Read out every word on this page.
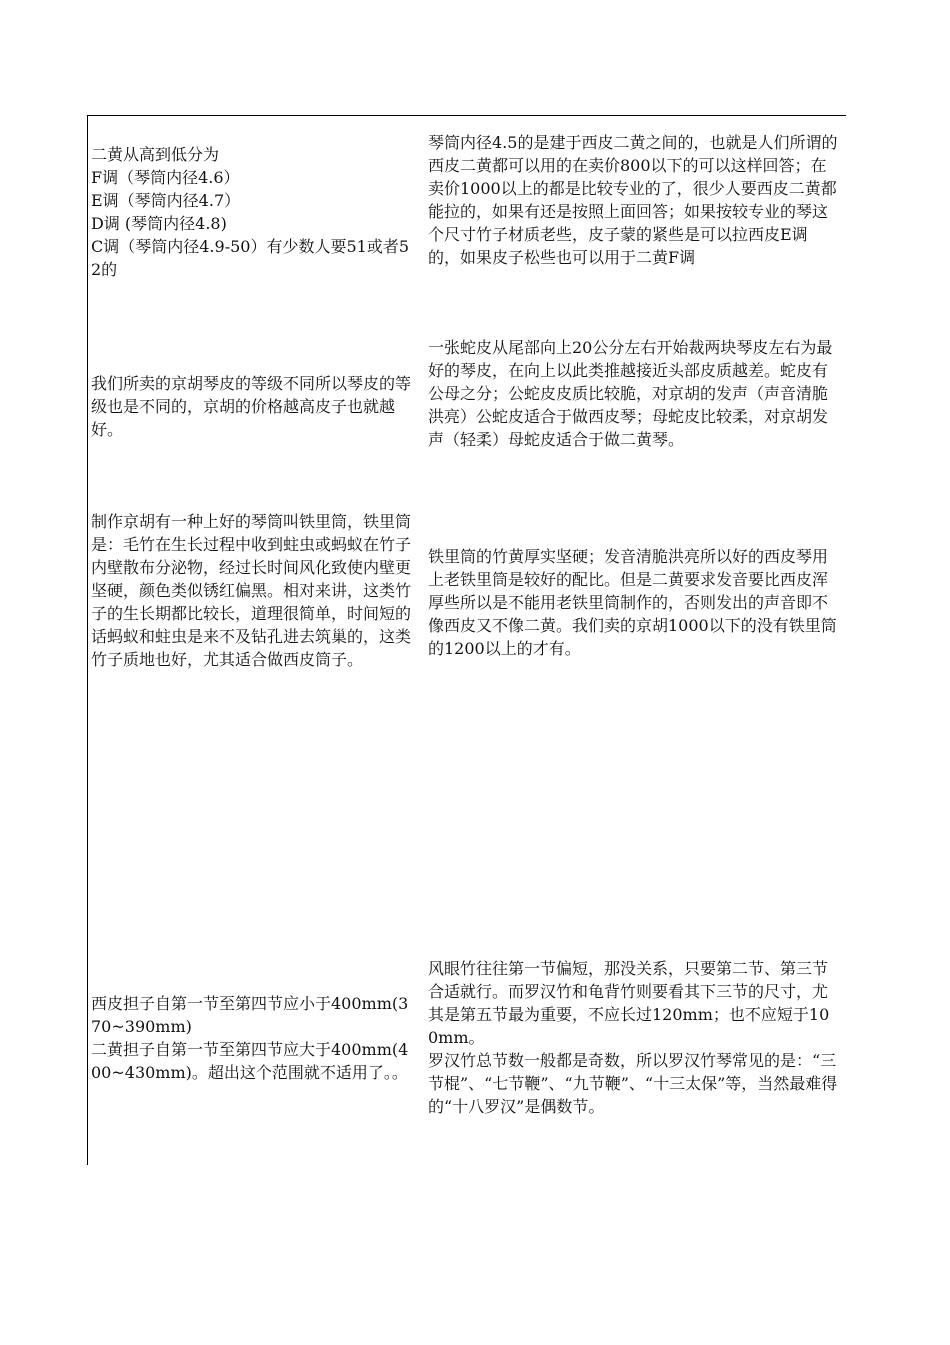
二黄从高到低分为
F调（琴筒内径4.6）
E调（琴筒内径4.7）
D调 (琴筒内径4.8)
C调（琴筒内径4.9-50）有少数人要51或者52的
琴筒内径4.5的是建于西皮二黄之间的，也就是人们所谓的西皮二黄都可以用的在卖价800以下的可以这样回答；在卖价1000以上的都是比较专业的了，很少人要西皮二黄都能拉的，如果有还是按照上面回答；如果按较专业的琴这个尺寸竹子材质老些，皮子蒙的紧些是可以拉西皮E调的，如果皮子松些也可以用于二黄F调
我们所卖的京胡琴皮的等级不同所以琴皮的等级也是不同的，京胡的价格越高皮子也就越好。
一张蛇皮从尾部向上20公分左右开始裁两块琴皮左右为最好的琴皮，在向上以此类推越接近头部皮质越差。蛇皮有公母之分；公蛇皮皮质比较脆，对京胡的发声（声音清脆洪亮）公蛇皮适合于做西皮琴；母蛇皮比较柔，对京胡发声（轻柔）母蛇皮适合于做二黄琴。
制作京胡有一种上好的琴筒叫铁里筒，铁里筒是：毛竹在生长过程中收到蛀虫或蚂蚁在竹子内壁散布分泌物，经过长时间风化致使内壁更坚硬，颜色类似锈红偏黑。相对来讲，这类竹子的生长期都比较长，道理很简单，时间短的话蚂蚁和蛀虫是来不及钻孔进去筑巢的，这类竹子质地也好，尤其适合做西皮筒子。
铁里筒的竹黄厚实坚硬；发音清脆洪亮所以好的西皮琴用上老铁里筒是较好的配比。但是二黄要求发音要比西皮浑厚些所以是不能用老铁里筒制作的，否则发出的声音即不像西皮又不像二黄。我们卖的京胡1000以下的没有铁里筒的1200以上的才有。
西皮担子自第一节至第四节应小于400mm(370~390mm)
二黄担子自第一节至第四节应大于400mm(400~430mm)。超出这个范围就不适用了。。
风眼竹往往第一节偏短，那没关系，只要第二节、第三节合适就行。而罗汉竹和龟背竹则要看其下三节的尺寸，尤其是第五节最为重要，不应长过120mm；也不应短于100mm。
罗汉竹总节数一般都是奇数，所以罗汉竹琴常见的是：“三节棍”、“七节鞭”、“九节鞭”、“十三太保”等，当然最难得的“十八罗汉”是偶数节。
